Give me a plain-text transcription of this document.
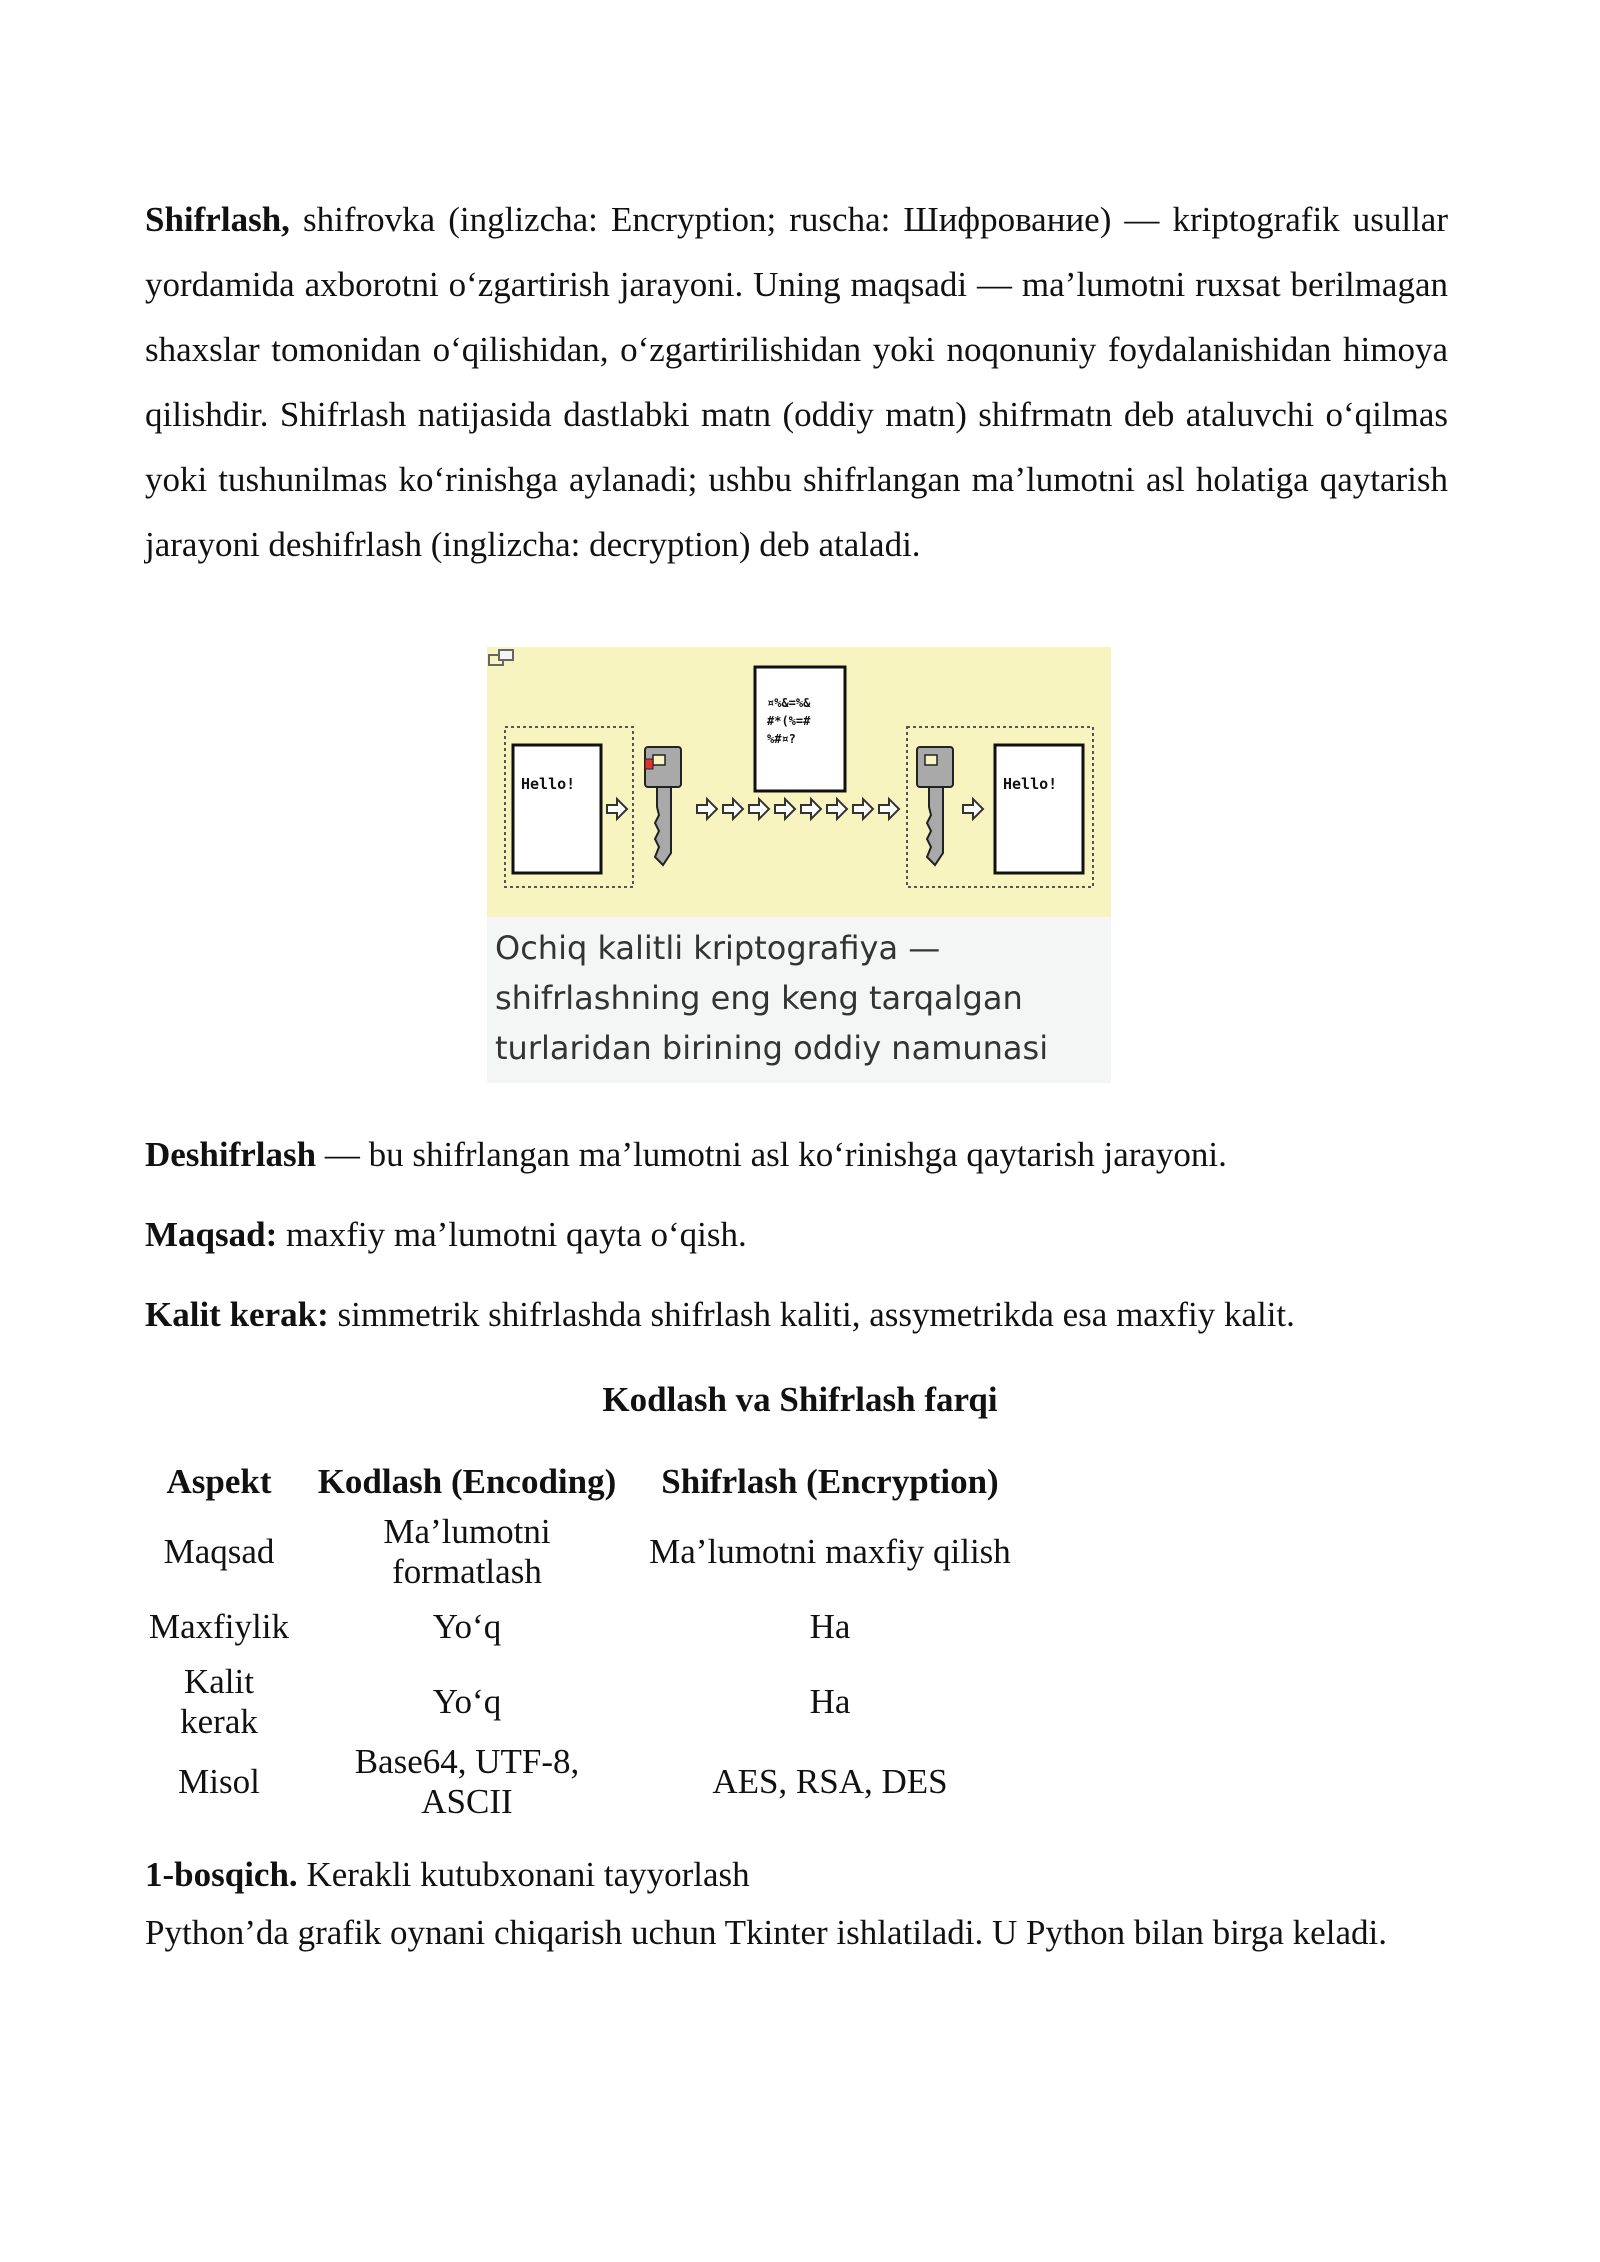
Shifrlash, shifrovka (inglizcha: Encryption; ruscha: Шифрование) — kriptografik usullar yordamida axborotni oʻzgartirish jarayoni. Uning maqsadi — ma’lumotni ruxsat berilmagan shaxslar tomonidan oʻqilishidan, oʻzgartirilishidan yoki noqonuniy foydalanishidan himoya qilishdir. Shifrlash natijasida dastlabki matn (oddiy matn) shifrmatn deb ataluvchi oʻqilmas yoki tushunilmas koʻrinishga aylanadi; ushbu shifrlangan ma’lumotni asl holatiga qaytarish jarayoni deshifrlash (inglizcha: decryption) deb ataladi.

Hello!
¤%&=%&
#*(%=#
%#¤?
Hello!
Ochiq kalitli kriptografiya — shifrlashning eng keng tarqalgan turlaridan birining oddiy namunasi

Deshifrlash — bu shifrlangan ma’lumotni asl koʻrinishga qaytarish jarayoni.

Maqsad: maxfiy ma’lumotni qayta oʻqish.

Kalit kerak: simmetrik shifrlashda shifrlash kaliti, assymetrikda esa maxfiy kalit.

Kodlash va Shifrlash farqi
Aspekt	Kodlash (Encoding)	Shifrlash (Encryption)
Maqsad	Ma’lumotni formatlash	Ma’lumotni maxfiy qilish
Maxfiylik	Yoʻq	Ha
Kalit kerak	Yoʻq	Ha
Misol	Base64, UTF-8, ASCII	AES, RSA, DES

1-bosqich. Kerakli kutubxonani tayyorlash

Python’da grafik oynani chiqarish uchun Tkinter ishlatiladi. U Python bilan birga keladi.
